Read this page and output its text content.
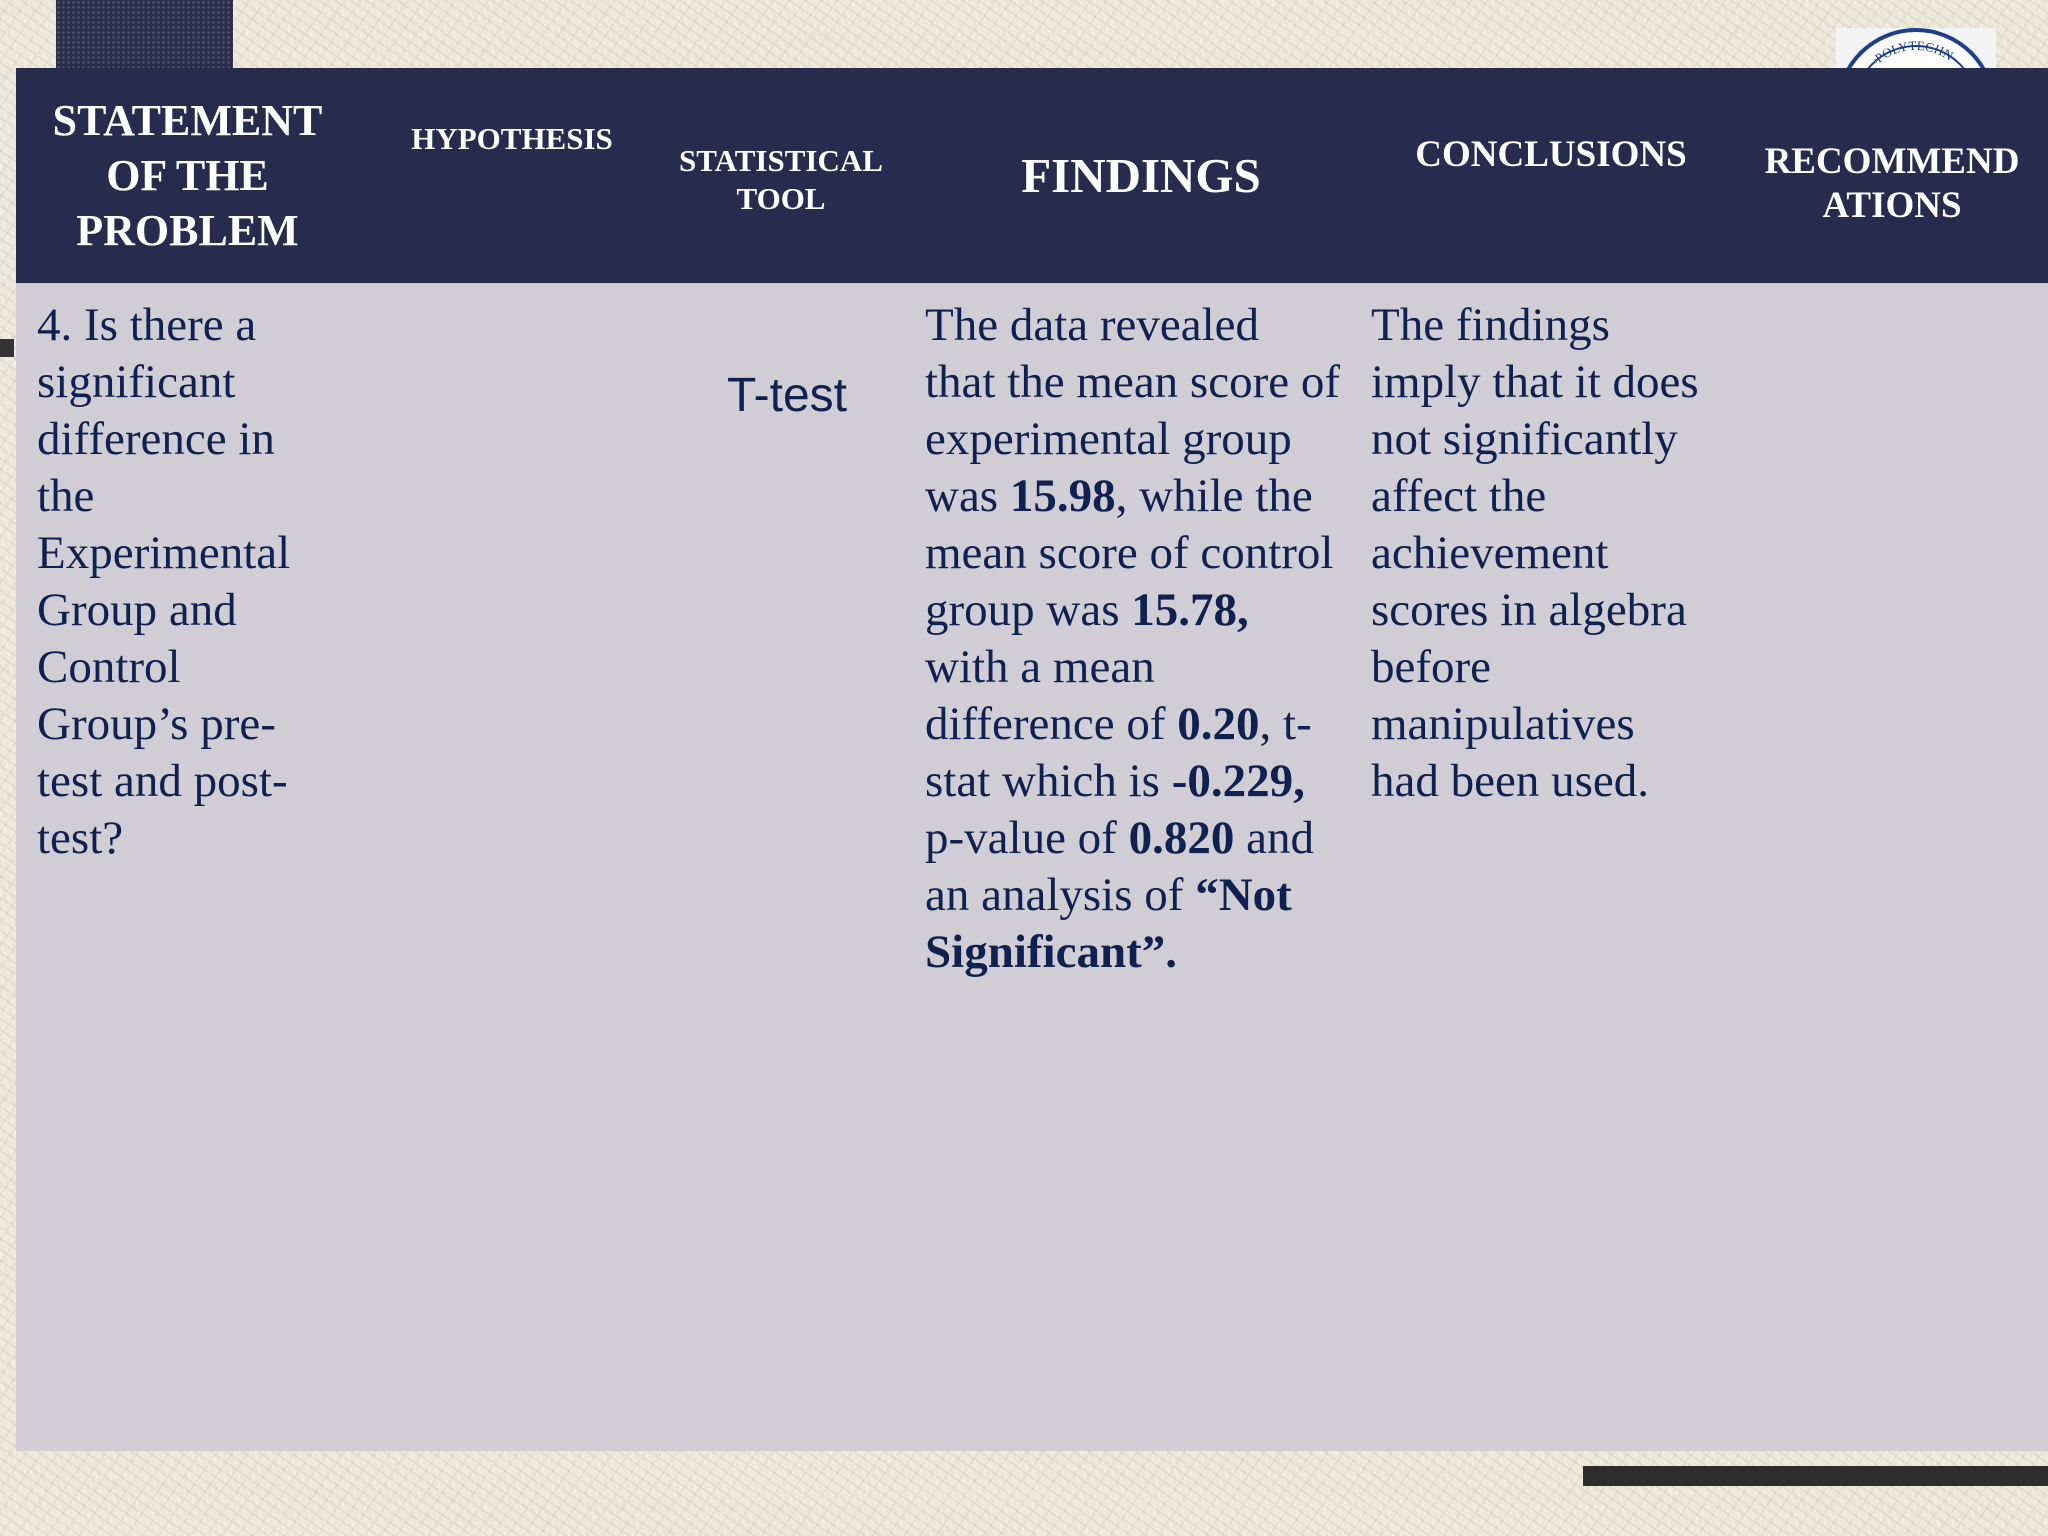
POLYTECHN
STATEMENT
OF THE
PROBLEM
HYPOTHESIS
STATISTICAL
TOOL	FINDINGS	CONCLUSIONS RECOMMEND
ATIONS
4. Is there a significant difference in the Experimental Group and Control Group’s pre-test and post-test?
T-test
The data revealed that the mean score of experimental group was 15.98, while the mean score of control group was 15.78, with a mean difference of 0.20, t-stat which is -0.229, p-value of 0.820 and an analysis of “Not Significant”.
The findings imply that it does not significantly affect the achievement scores in algebra before manipulatives had been used.
